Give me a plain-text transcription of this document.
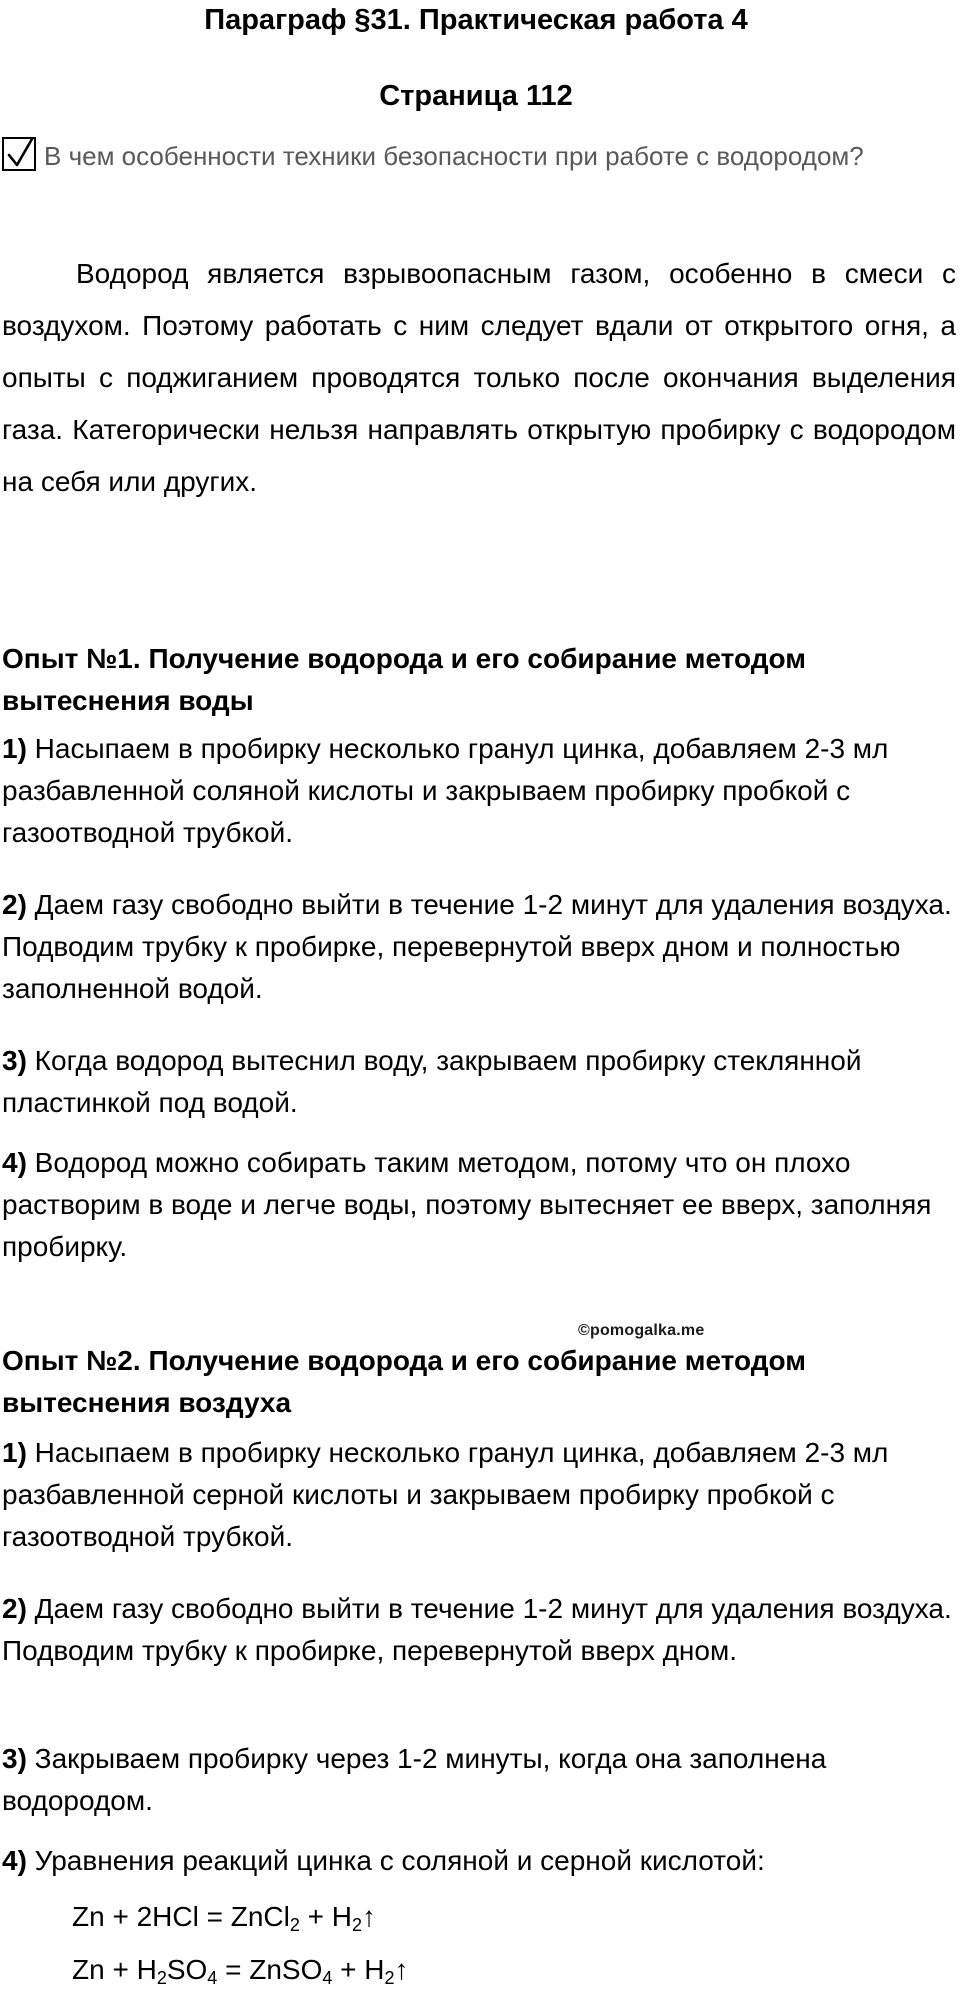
Параграф §31. Практическая работа 4
Страница 112
В чем особенности техники безопасности при работе с водородом?
Водород является взрывоопасным газом, особенно в смеси с воздухом. Поэтому работать с ним следует вдали от открытого огня, а опыты с поджиганием проводятся только после окончания выделения газа. Категорически нельзя направлять открытую пробирку с водородом на себя или других.
Опыт №1. Получение водорода и его собирание методом вытеснения воды
1) Насыпаем в пробирку несколько гранул цинка, добавляем 2-3 мл разбавленной соляной кислоты и закрываем пробирку пробкой с газоотводной трубкой.
2) Даем газу свободно выйти в течение 1-2 минут для удаления воздуха. Подводим трубку к пробирке, перевернутой вверх дном и полностью заполненной водой.
3) Когда водород вытеснил воду, закрываем пробирку стеклянной пластинкой под водой.
4) Водород можно собирать таким методом, потому что он плохо растворим в воде и легче воды, поэтому вытесняет ее вверх, заполняя пробирку.
©pomogalka.me
Опыт №2. Получение водорода и его собирание методом вытеснения воздуха
1) Насыпаем в пробирку несколько гранул цинка, добавляем 2-3 мл разбавленной серной кислоты и закрываем пробирку пробкой с газоотводной трубкой.
2) Даем газу свободно выйти в течение 1-2 минут для удаления воздуха. Подводим трубку к пробирке, перевернутой вверх дном.
3) Закрываем пробирку через 1-2 минуты, когда она заполнена водородом.
4) Уравнения реакций цинка с соляной и серной кислотой:
Zn + 2HCl = ZnCl$_2$ + $H_2↑$
$Zn + H_2SO_4$ = ZnSO$_4$ + $H_2↑$
